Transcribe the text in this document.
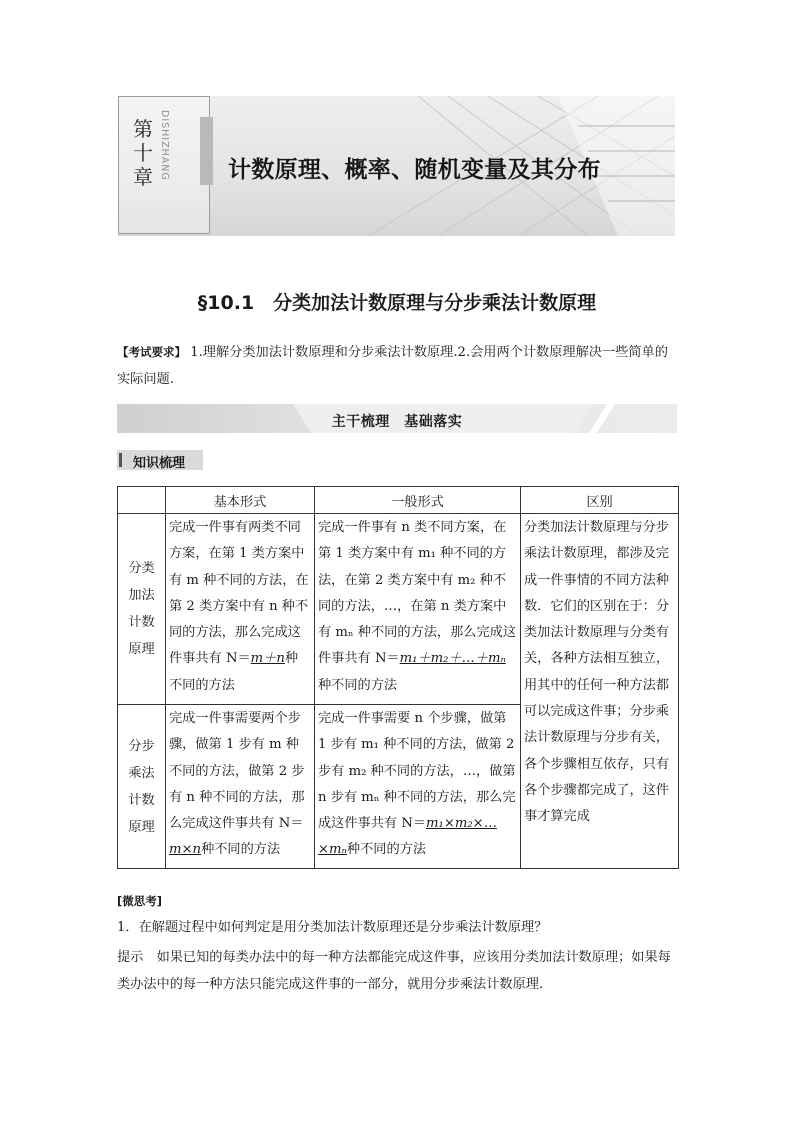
第十章 DISHIZHANG	计数原理、概率、随机变量及其分布
§10.1　分类加法计数原理与分步乘法计数原理
【考试要求】 1.理解分类加法计数原理和分步乘法计数原理.2.会用两个计数原理解决一些简单的实际问题.
主干梳理　基础落实
知识梳理
	基本形式	一般形式	区别
分类加法计数原理	完成一件事有两类不同方案，在第 1 类方案中有 m 种不同的方法，在第 2 类方案中有 n 种不同的方法，那么完成这件事共有 N＝m＋n种不同的方法	完成一件事有 n 类不同方案，在第 1 类方案中有 m₁ 种不同的方法，在第 2 类方案中有 m₂ 种不同的方法，…，在第 n 类方案中有 mₙ 种不同的方法，那么完成这件事共有 N＝m₁＋m₂＋…＋mₙ种不同的方法	分类加法计数原理与分步乘法计数原理，都涉及完成一件事情的不同方法种数．它们的区别在于：分类加法计数原理与分类有关，各种方法相互独立，用其中的任何一种方法都可以完成这件事；分步乘法计数原理与分步有关，各个步骤相互依存，只有各个步骤都完成了，这件事才算完成
分步乘法计数原理	完成一件事需要两个步骤，做第 1 步有 m 种不同的方法，做第 2 步有 n 种不同的方法，那么完成这件事共有 N＝m×n种不同的方法	完成一件事需要 n 个步骤，做第 1 步有 m₁ 种不同的方法，做第 2 步有 m₂ 种不同的方法，…，做第 n 步有 mₙ 种不同的方法，那么完成这件事共有 N＝m₁×m₂×…×mₙ种不同的方法	
[微思考]
1．在解题过程中如何判定是用分类加法计数原理还是分步乘法计数原理？
提示　如果已知的每类办法中的每一种方法都能完成这件事，应该用分类加法计数原理；如果每类办法中的每一种方法只能完成这件事的一部分，就用分步乘法计数原理．
